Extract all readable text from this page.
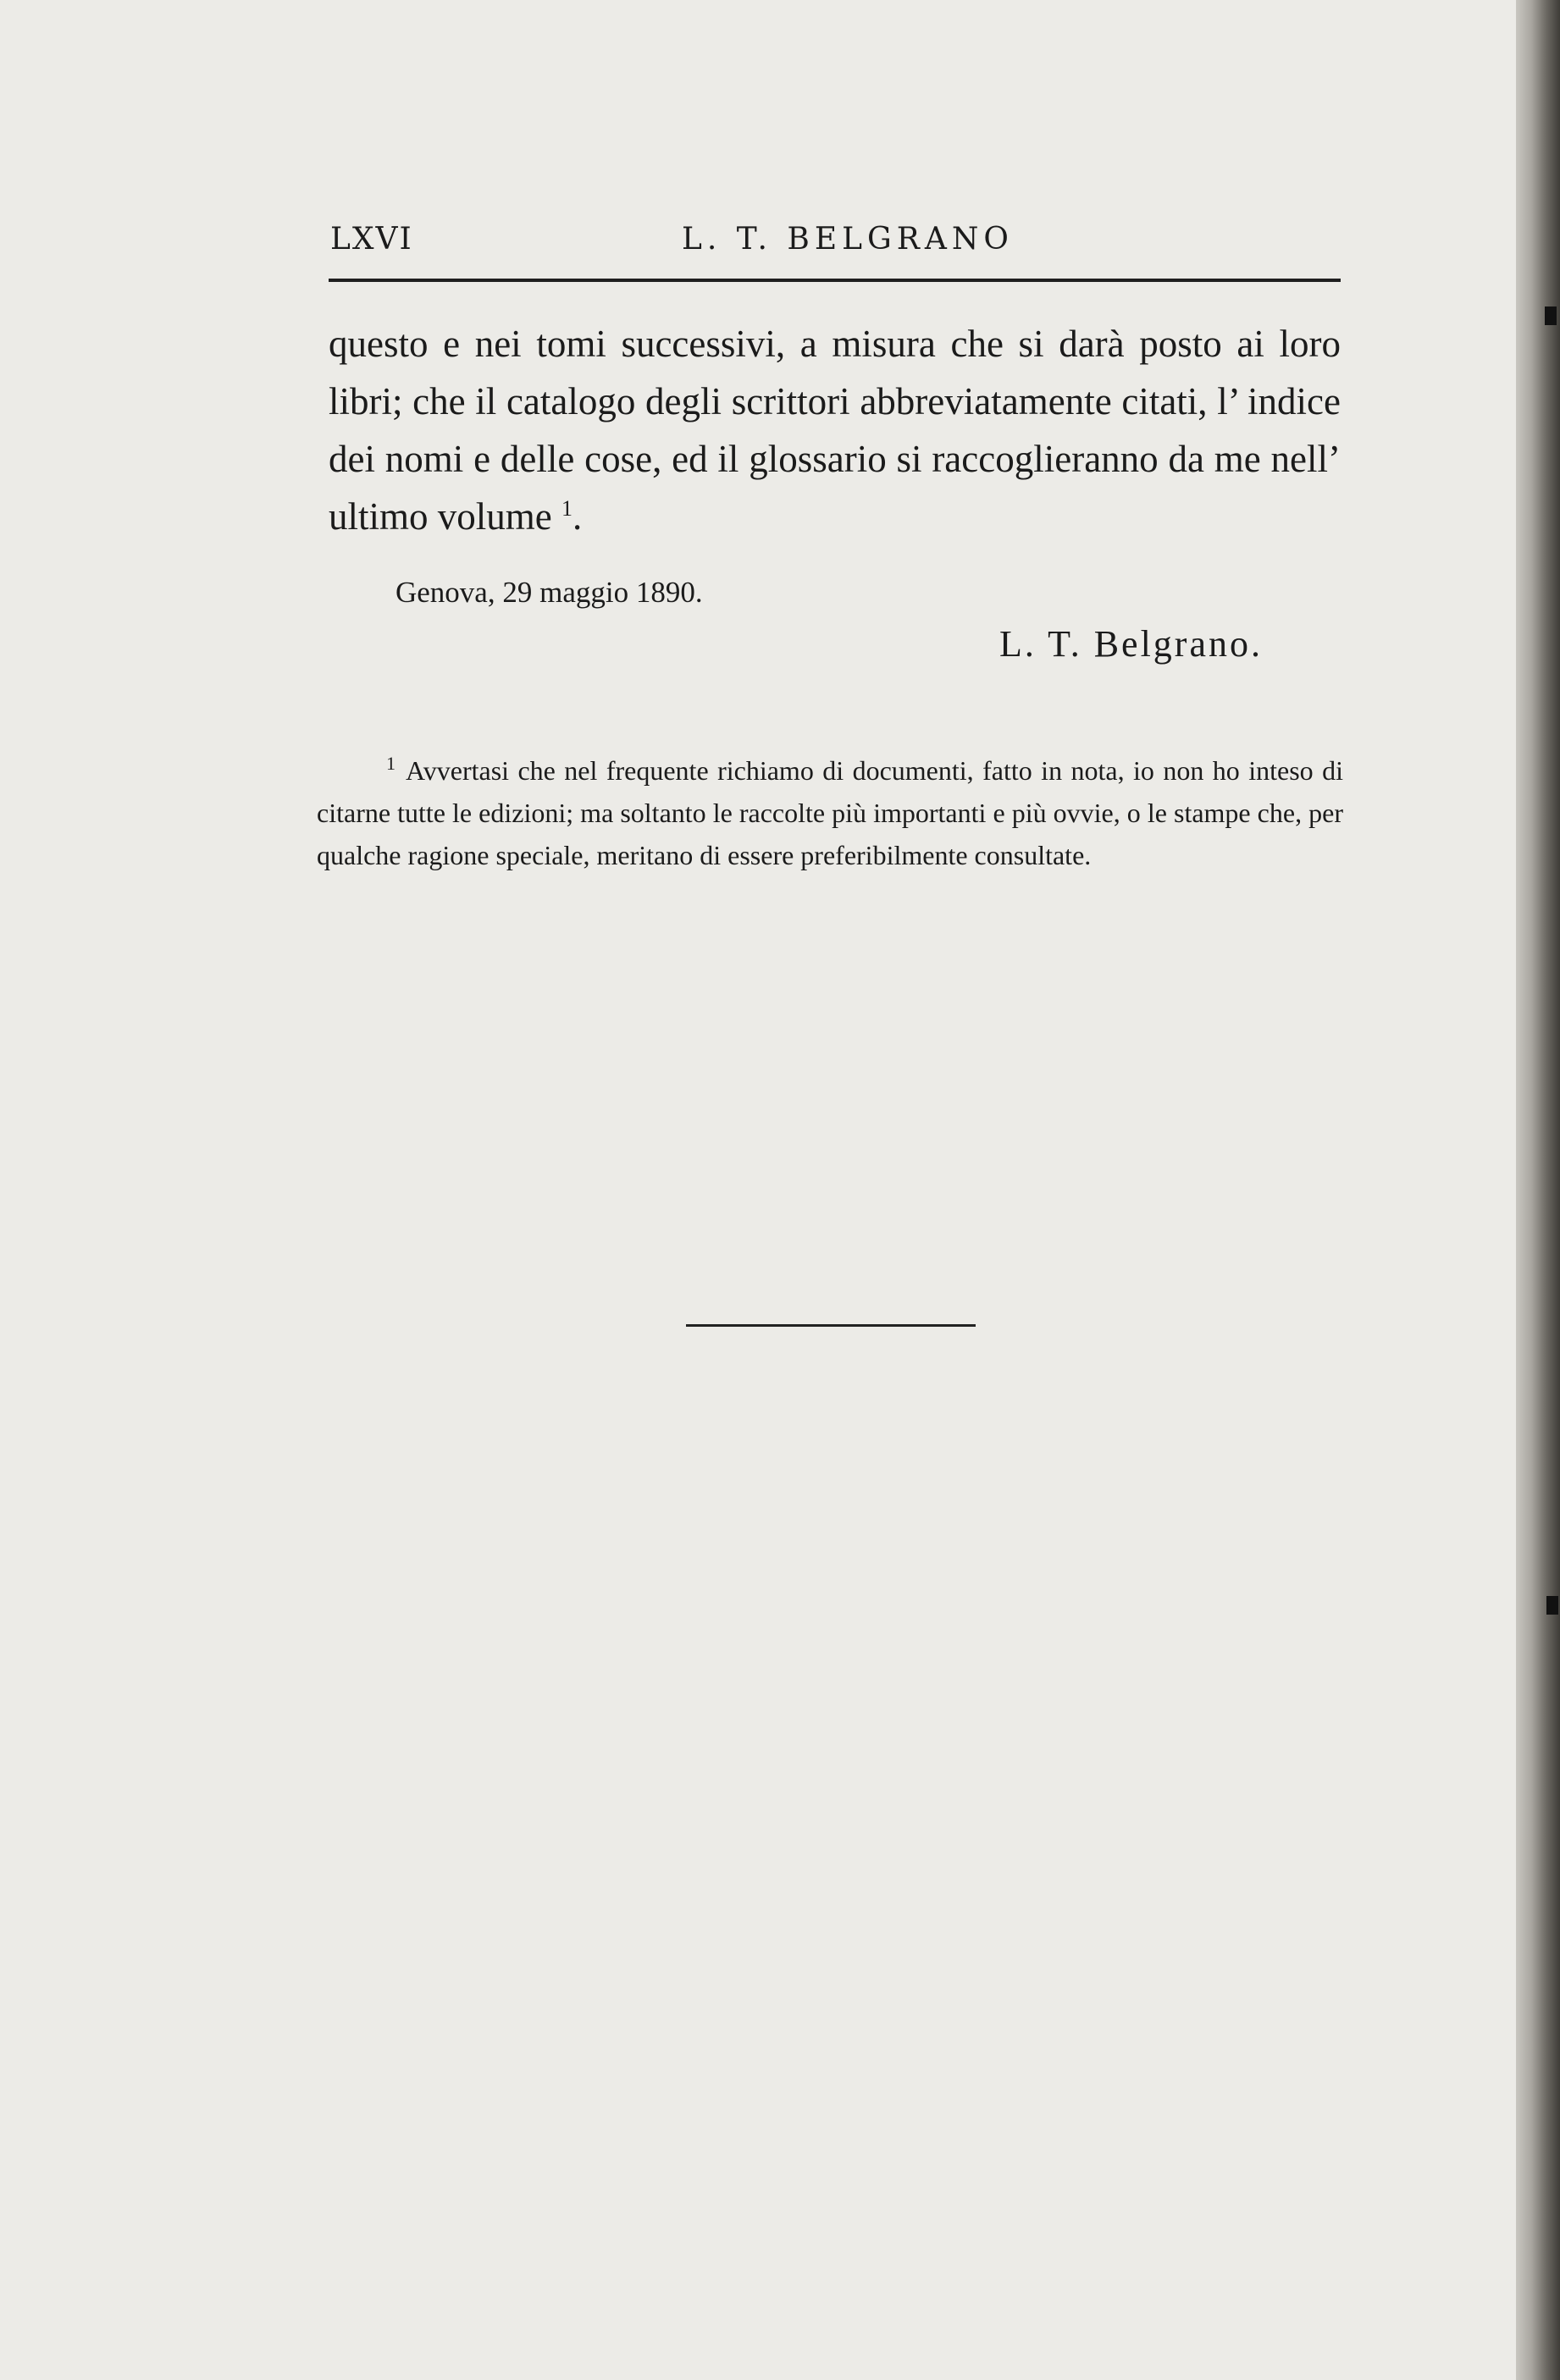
LXVI	L. T. BELGRANO

questo e nei tomi successivi, a misura che si darà posto ai loro libri; che il catalogo degli scrittori abbreviatamente citati, l’ indice dei nomi e delle cose, ed il glossario si raccoglieranno da me nell’ ultimo volume $^1$.

Genova, 29 maggio 1890.
L. T. Belgrano.

$^1$ Avvertasi che nel frequente richiamo di documenti, fatto in nota, io non ho inteso di citarne tutte le edizioni; ma soltanto le raccolte più importanti e più ovvie, o le stampe che, per qualche ragione speciale, meritano di essere preferibilmente consultate.
